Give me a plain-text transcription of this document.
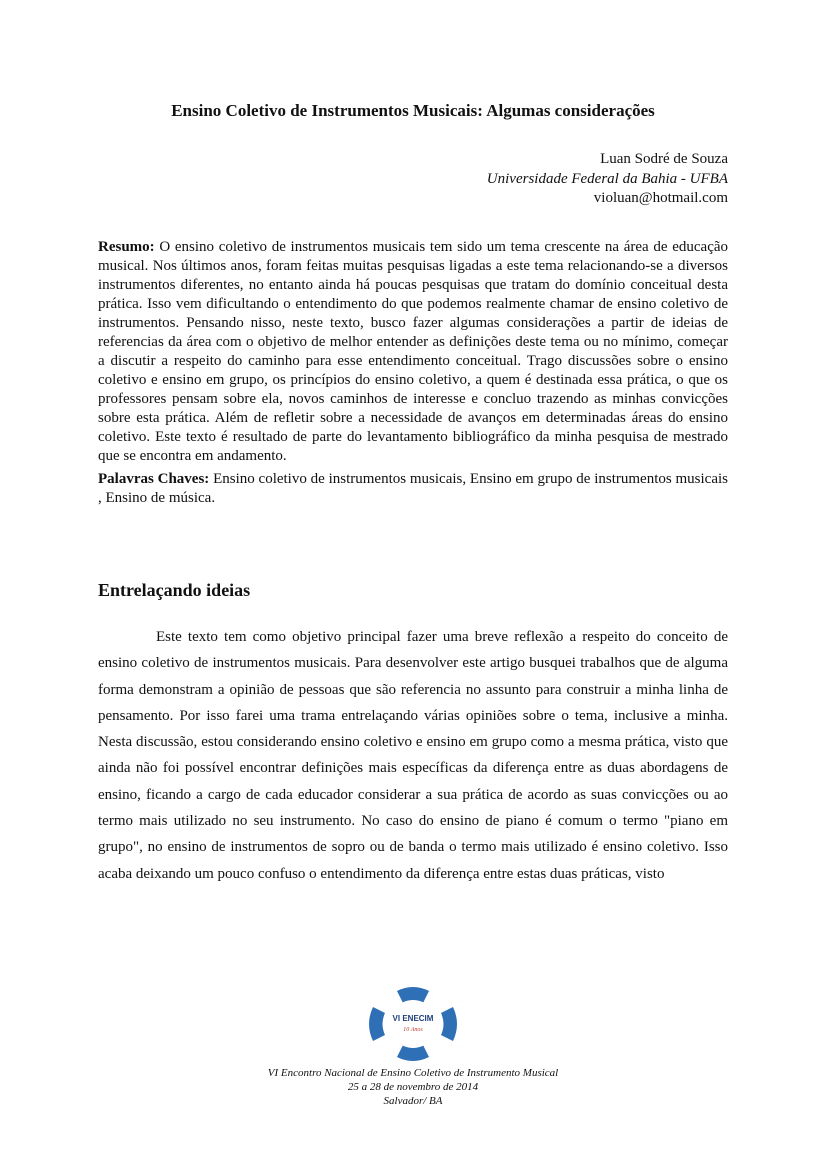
Ensino Coletivo de Instrumentos Musicais: Algumas considerações
Luan Sodré de Souza
Universidade Federal da Bahia - UFBA
violuan@hotmail.com

Resumo: O ensino coletivo de instrumentos musicais tem sido um tema crescente na área de educação musical. Nos últimos anos, foram feitas muitas pesquisas ligadas a este tema relacionando-se a diversos instrumentos diferentes, no entanto ainda há poucas pesquisas que tratam do domínio conceitual desta prática. Isso vem dificultando o entendimento do que podemos realmente chamar de ensino coletivo de instrumentos. Pensando nisso, neste texto, busco fazer algumas considerações a partir de ideias de referencias da área com o objetivo de melhor entender as definições deste tema ou no mínimo, começar a discutir a respeito do caminho para esse entendimento conceitual. Trago discussões sobre o ensino coletivo e ensino em grupo, os princípios do ensino coletivo, a quem é destinada essa prática, o que os professores pensam sobre ela, novos caminhos de interesse e concluo trazendo as minhas convicções sobre esta prática. Além de refletir sobre a necessidade de avanços em determinadas áreas do ensino coletivo. Este texto é resultado de parte do levantamento bibliográfico da minha pesquisa de mestrado que se encontra em andamento.

Palavras Chaves: Ensino coletivo de instrumentos musicais, Ensino em grupo de instrumentos musicais , Ensino de música.

Entrelaçando ideias

Este texto tem como objetivo principal fazer uma breve reflexão a respeito do conceito de ensino coletivo de instrumentos musicais. Para desenvolver este artigo busquei trabalhos que de alguma forma demonstram a opinião de pessoas que são referencia no assunto para construir a minha linha de pensamento. Por isso farei uma trama entrelaçando várias opiniões sobre o tema, inclusive a minha. Nesta discussão, estou considerando ensino coletivo e ensino em grupo como a mesma prática, visto que ainda não foi possível encontrar definições mais específicas da diferença entre as duas abordagens de ensino, ficando a cargo de cada educador considerar a sua prática de acordo as suas convicções ou ao termo mais utilizado no seu instrumento. No caso do ensino de piano é comum o termo "piano em grupo", no ensino de instrumentos de sopro ou de banda o termo mais utilizado é ensino coletivo. Isso acaba deixando um pouco confuso o entendimento da diferença entre estas duas práticas, visto

VI ENECIM
10 Anos
VI Encontro Nacional de Ensino Coletivo de Instrumento Musical
25 a 28 de novembro de 2014
Salvador/ BA
